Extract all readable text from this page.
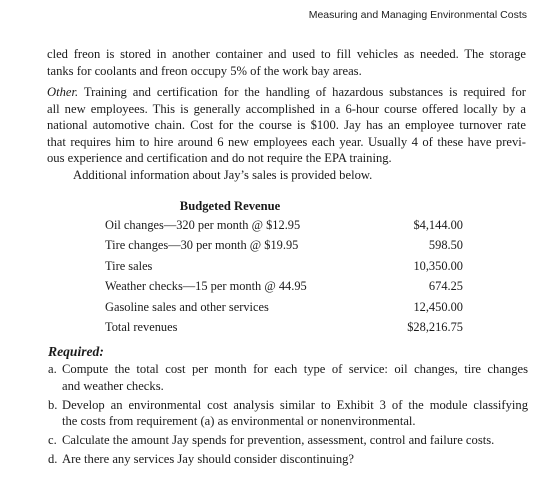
Measuring and Managing Environmental Costs
cled freon is stored in another container and used to fill vehicles as needed. The storage
tanks for coolants and freon occupy 5% of the work bay areas.
Other. Training and certification for the handling of hazardous substances is required for
all new employees. This is generally accomplished in a 6-hour course offered locally by a
national automotive chain. Cost for the course is $100. Jay has an employee turnover rate
that requires him to hire around 6 new employees each year. Usually 4 of these have previ-
ous experience and certification and do not require the EPA training.
Additional information about Jay’s sales is provided below.
Budgeted Revenue
Oil changes—320 per month @ $12.95	$4,144.00
Tire changes—30 per month @ $19.95	598.50
Tire sales	10,350.00
Weather checks—15 per month @ 44.95	674.25
Gasoline sales and other services	12,450.00
Total revenues	$28,216.75
Required:
a. Compute the total cost per month for each type of service: oil changes, tire changes
and weather checks.
b. Develop an environmental cost analysis similar to Exhibit 3 of the module classifying
the costs from requirement (a) as environmental or nonenvironmental.
c. Calculate the amount Jay spends for prevention, assessment, control and failure costs.
d. Are there any services Jay should consider discontinuing?
